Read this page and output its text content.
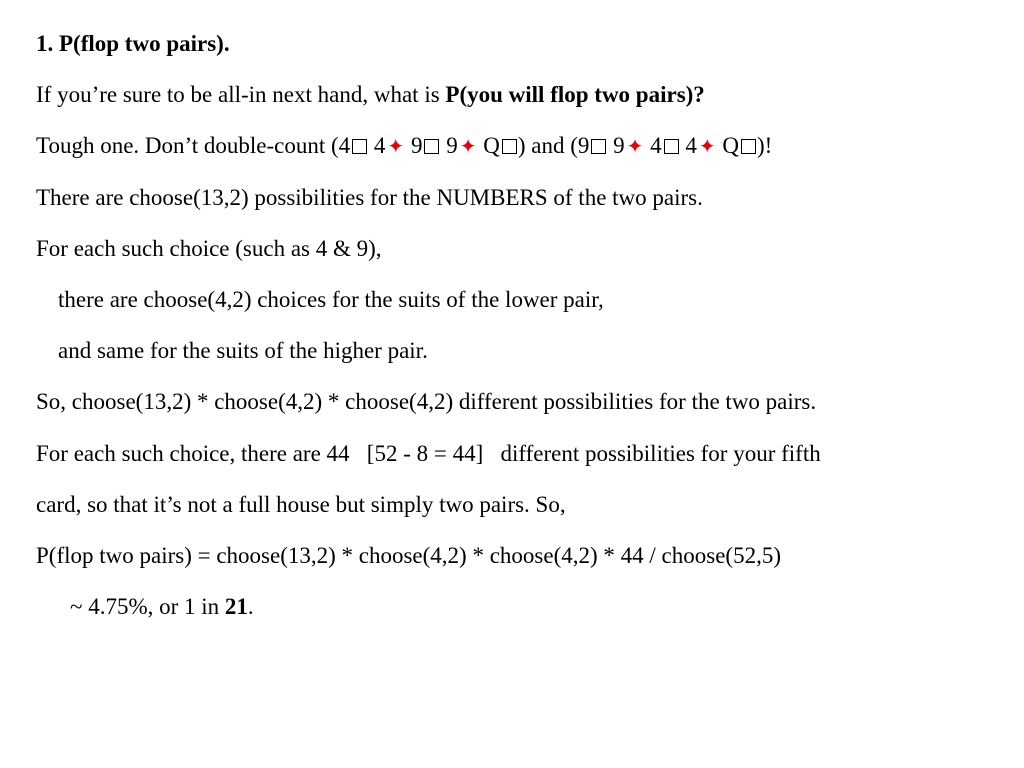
1. P(flop two pairs).
If you’re sure to be all-in next hand, what is P(you will flop two pairs)?
Tough one. Don’t double-count (4 4 ✦ 9 9 ✦ Q ) and (9 9 ✦ 4 4 ✦ Q )!
There are choose(13,2) possibilities for the NUMBERS of the two pairs.
For each such choice (such as 4 & 9),
there are choose(4,2) choices for the suits of the lower pair,
and same for the suits of the higher pair.
So, choose(13,2) * choose(4,2) * choose(4,2) different possibilities for the two pairs.
For each such choice, there are 44   [52 - 8 = 44]   different possibilities for your fifth
card, so that it’s not a full house but simply two pairs. So,
P(flop two pairs) = choose(13,2) * choose(4,2) * choose(4,2) * 44 / choose(52,5)
~ 4.75%, or 1 in 21.
